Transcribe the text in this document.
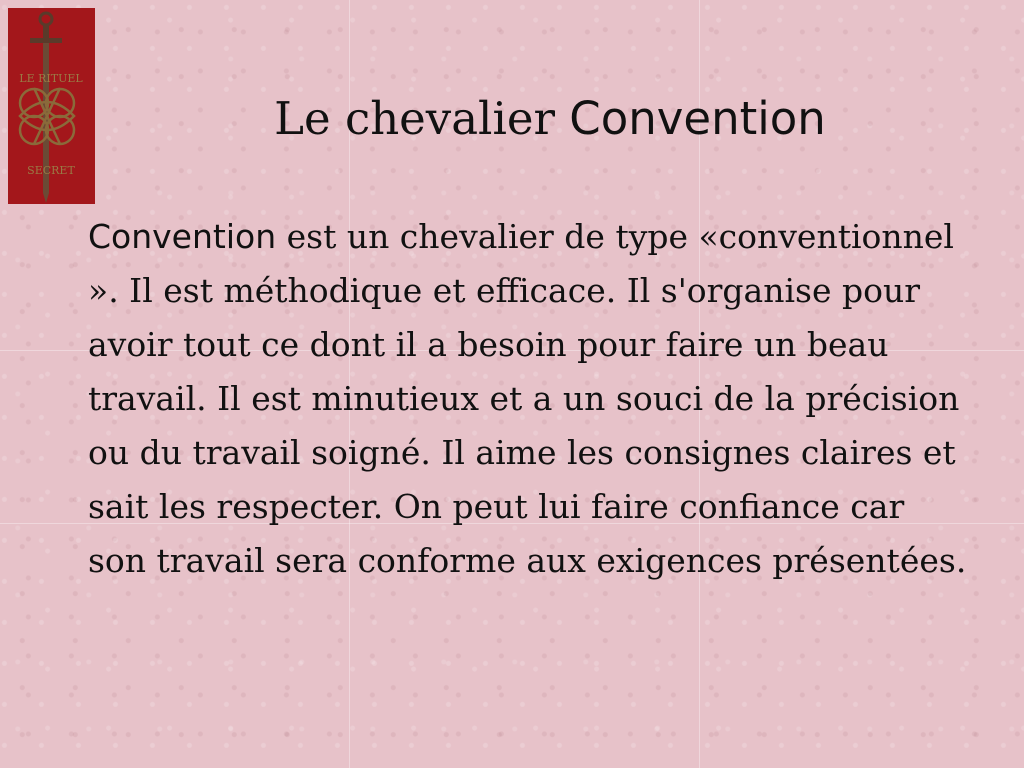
LE RITUEL
SECRET
Le chevalier Convention

Convention est un chevalier de type «conventionnel ». Il est méthodique et efficace. Il s'organise pour avoir tout ce dont il a besoin pour faire un beau travail. Il est minutieux et a un souci de la précision ou du travail soigné. Il aime les consignes claires et sait les respecter. On peut lui faire confiance car son travail sera conforme aux exigences présentées.
